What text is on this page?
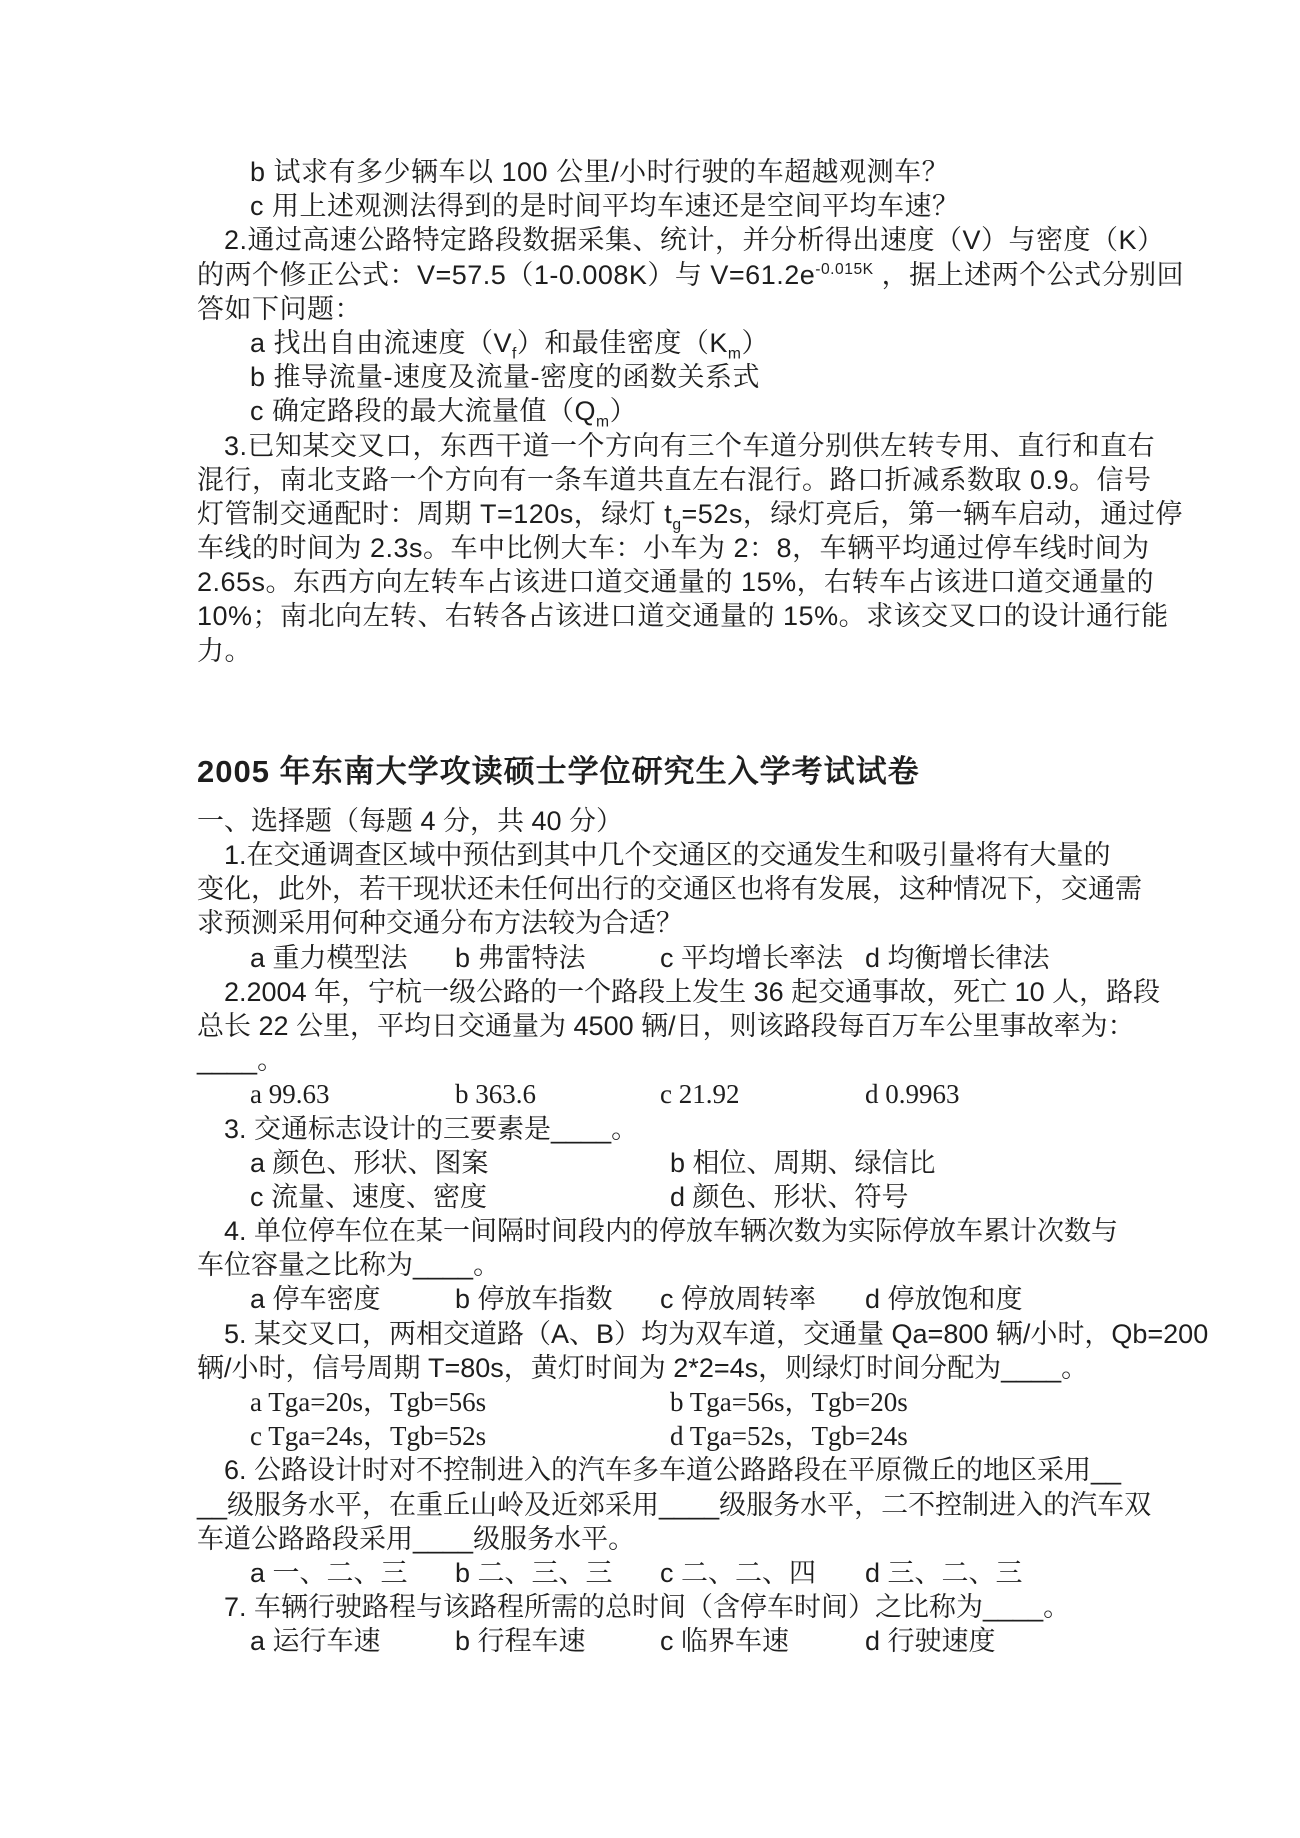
b 试求有多少辆车以 100 公里/小时行驶的车超越观测车？
c 用上述观测法得到的是时间平均车速还是空间平均车速？
2.通过高速公路特定路段数据采集、统计，并分析得出速度（V）与密度（K）
的两个修正公式：V=57.5（1-0.008K）与 $V=61.2e^{-0.015K}$ ，据上述两个公式分别回
答如下问题：
a 找出自由流速度$(V_f)$和最佳密度$(K_m)$
b 推导流量-速度及流量-密度的函数关系式
c 确定路段的最大流量值$(Q_m)$
3.已知某交叉口，东西干道一个方向有三个车道分别供左转专用、直行和直右
混行，南北支路一个方向有一条车道共直左右混行。路口折减系数取 0.9。信号
灯管制交通配时：周期 T=120s，绿灯 $t_g=52s$，绿灯亮后，第一辆车启动，通过停
车线的时间为 2.3s。车中比例大车：小车为 2：8，车辆平均通过停车线时间为
2.65s。东西方向左转车占该进口道交通量的 15%，右转车占该进口道交通量的
10%；南北向左转、右转各占该进口道交通量的 15%。求该交叉口的设计通行能
力。
2005 年东南大学攻读硕士学位研究生入学考试试卷
一、选择题（每题 4 分，共 40 分）
1.在交通调查区域中预估到其中几个交通区的交通发生和吸引量将有大量的
变化，此外，若干现状还未任何出行的交通区也将有发展，这种情况下，交通需
求预测采用何种交通分布方法较为合适？
a 重力模型法 b 弗雷特法	c 平均增长率法 d 均衡增长律法
2.2004 年，宁杭一级公路的一个路段上发生 36 起交通事故，死亡 10 人，路段
总长 22 公里，平均日交通量为 4500 辆/日，则该路段每百万车公里事故率为：
____。
a 99.63	b 363.6	c 21.92	d 0.9963
3. 交通标志设计的三要素是____。
a 颜色、形状、图案	b 相位、周期、绿信比
c 流量、速度、密度	d 颜色、形状、符号
4. 单位停车位在某一间隔时间段内的停放车辆次数为实际停放车累计次数与
车位容量之比称为____。
a 停车密度	b 停放车指数 c 停放周转率 d 停放饱和度
5. 某交叉口，两相交道路（A、B）均为双车道，交通量 Qa=800 辆/小时，Qb=200
辆/小时，信号周期 T=80s，黄灯时间为 2*2=4s，则绿灯时间分配为____。
a Tga=20s，Tgb=56s	b Tga=56s，Tgb=20s
c Tga=24s，Tgb=52s	d Tga=52s，Tgb=24s
6. 公路设计时对不控制进入的汽车多车道公路路段在平原微丘的地区采用__
__级服务水平，在重丘山岭及近郊采用____级服务水平，二不控制进入的汽车双
车道公路路段采用____级服务水平。
a 一、二、三 b 二、三、三 c 二、二、四 d 三、二、三
7. 车辆行驶路程与该路程所需的总时间（含停车时间）之比称为____。
a 运行车速	b 行程车速	c 临界车速	d 行驶速度
